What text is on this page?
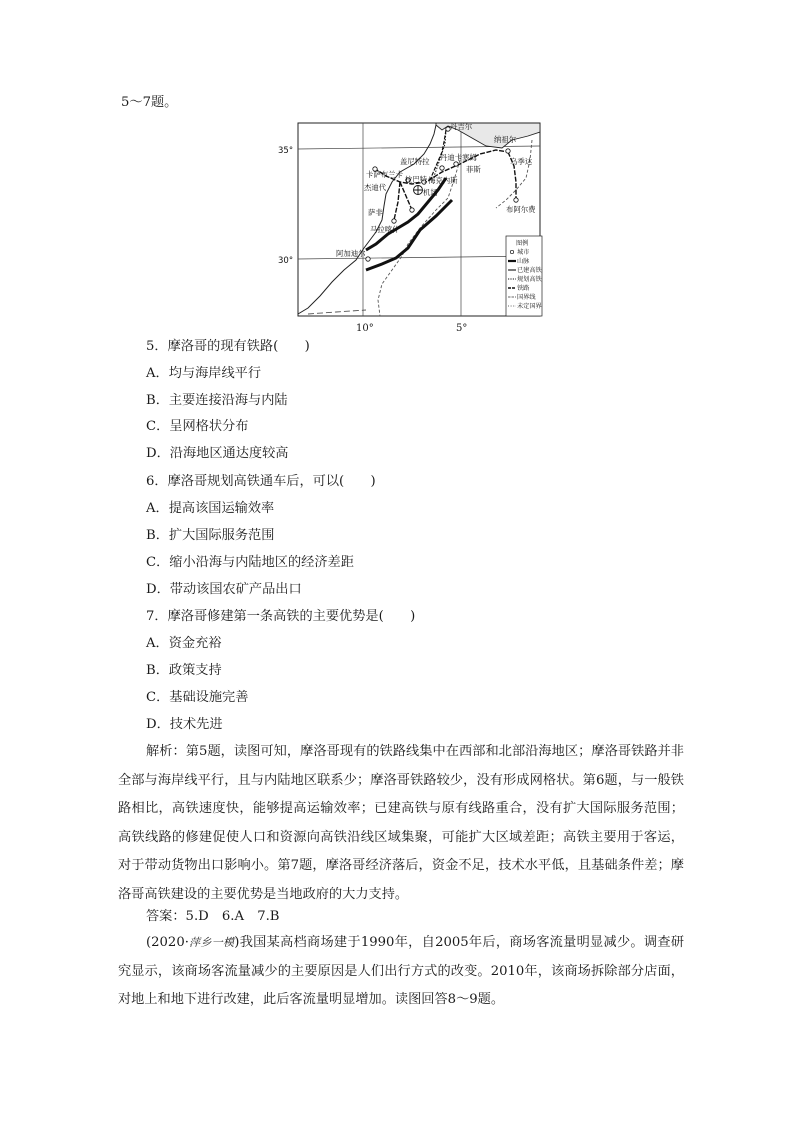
5～7题。
丹吉尔
纳祖尔
盖尼特拉 丹迪卡塞姆	乌季达
卡萨布兰卡
菲斯
杰迪代
拉巴特 梅克内斯
机场
布阿尔费
萨非
马拉喀什
阿加迪尔
35°
30°
图例
城市
山脉
已建高铁
规划高铁
铁路
国界线
未定国界
10°	5°
5．摩洛哥的现有铁路(　　)
A．均与海岸线平行
B．主要连接沿海与内陆
C．呈网格状分布
D．沿海地区通达度较高
6．摩洛哥规划高铁通车后，可以(　　)
A．提高该国运输效率
B．扩大国际服务范围
C．缩小沿海与内陆地区的经济差距
D．带动该国农矿产品出口
7．摩洛哥修建第一条高铁的主要优势是(　　)
A．资金充裕
B．政策支持
C．基础设施完善
D．技术先进
解析：第5题，读图可知，摩洛哥现有的铁路线集中在西部和北部沿海地区；摩洛哥铁路并非全部与海岸线平行，且与内陆地区联系少；摩洛哥铁路较少，没有形成网格状。第6题，与一般铁路相比，高铁速度快，能够提高运输效率；已建高铁与原有线路重合，没有扩大国际服务范围；高铁线路的修建促使人口和资源向高铁沿线区域集聚，可能扩大区域差距；高铁主要用于客运，对于带动货物出口影响小。第7题，摩洛哥经济落后，资金不足，技术水平低，且基础条件差；摩洛哥高铁建设的主要优势是当地政府的大力支持。
答案：5.D　6.A　7.B
(2020·萍乡一模)我国某高档商场建于1990年，自2005年后，商场客流量明显减少。调查研究显示，该商场客流量减少的主要原因是人们出行方式的改变。2010年，该商场拆除部分店面，对地上和地下进行改建，此后客流量明显增加。读图回答8～9题。
